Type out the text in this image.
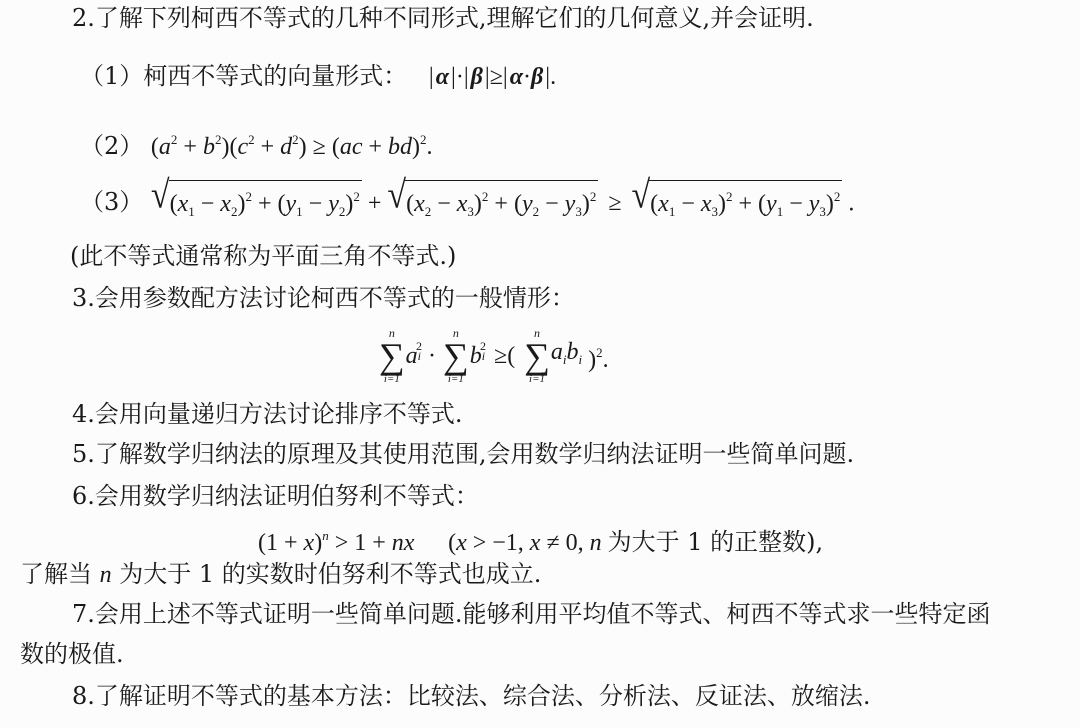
2.了解下列柯西不等式的几种不同形式,理解它们的几何意义,并会证明.
（1）柯西不等式的向量形式： | α |·| β |≥| α·β |.
（2） $(a^2 + b^2)(c^2 + d^2) \ge (ac + bd)^2$.
（3） √ $(x_1 - x_2)^2 + (y_1 - y_2)^2$ + √ $(x_2 - x_3)^2 + (y_2 - y_3)^2$ ≥ √ $(x_1 - x_3)^2 + (y_1 - y_3)^2$ .
(此不等式通常称为平面三角不等式.)
3.会用参数配方法讨论柯西不等式的一般情形：
n
∑
i=1
$ai^2$ ·
n
∑
i=1
$bi^2$ ≥(
n
∑
i=1
$a_ib_i$ )$^2$.
4.会用向量递归方法讨论排序不等式.
5.了解数学归纳法的原理及其使用范围,会用数学归纳法证明一些简单问题.
6.会用数学归纳法证明伯努利不等式：
$(1 + x)^n > 1$ + nx (x > −1, x ≠ 0, n 为大于 1 的正整数),
了解当 n 为大于 1 的实数时伯努利不等式也成立.
7.会用上述不等式证明一些简单问题.能够利用平均值不等式、柯西不等式求一些特定函
数的极值.
8.了解证明不等式的基本方法：比较法、综合法、分析法、反证法、放缩法.
